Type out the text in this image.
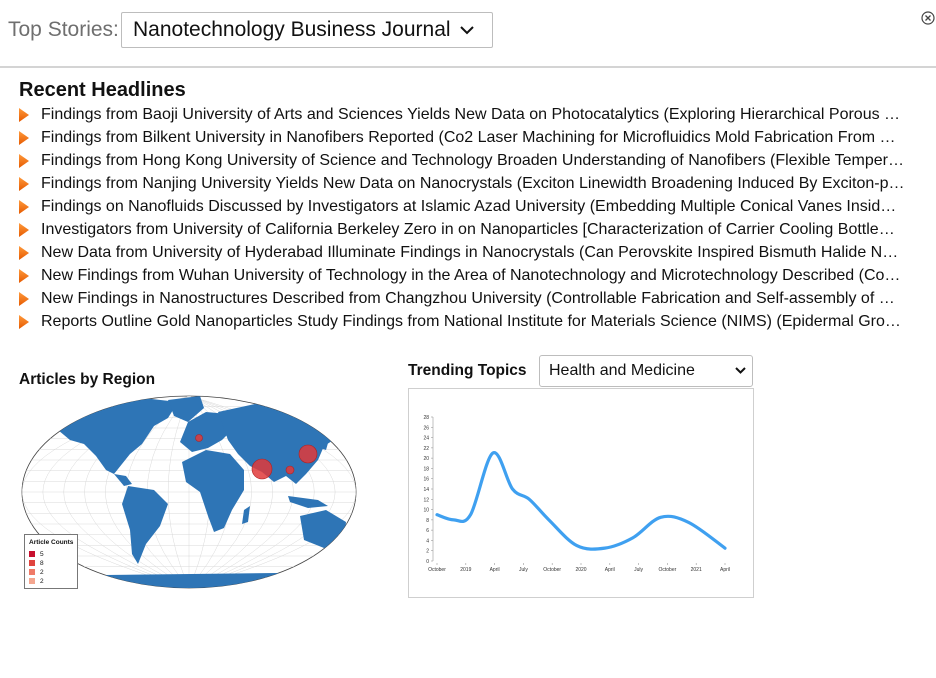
Top Stories: Nanotechnology Business Journal
Recent Headlines
Findings from Baoji University of Arts and Sciences Yields New Data on Photocatalytics (Exploring Hierarchical Porous …
Findings from Bilkent University in Nanofibers Reported (Co2 Laser Machining for Microfluidics Mold Fabrication From …
Findings from Hong Kong University of Science and Technology Broaden Understanding of Nanofibers (Flexible Temper…
Findings from Nanjing University Yields New Data on Nanocrystals (Exciton Linewidth Broadening Induced By Exciton-p…
Findings on Nanofluids Discussed by Investigators at Islamic Azad University (Embedding Multiple Conical Vanes Insid…
Investigators from University of California Berkeley Zero in on Nanoparticles [Characterization of Carrier Cooling Bottle…
New Data from University of Hyderabad Illuminate Findings in Nanocrystals (Can Perovskite Inspired Bismuth Halide N…
New Findings from Wuhan University of Technology in the Area of Nanotechnology and Microtechnology Described (Co…
New Findings in Nanostructures Described from Changzhou University (Controllable Fabrication and Self-assembly of …
Reports Outline Gold Nanoparticles Study Findings from National Institute for Materials Science (NIMS) (Epidermal Gro…
Articles by Region
Article Counts
5
8
2
2
Trending Topics	Health and Medicine
0
2
4
6
8
10
12
14
16
18
20
22
24
26
28
October	2019	April	July	October	2020	April	July	October	2021	April
